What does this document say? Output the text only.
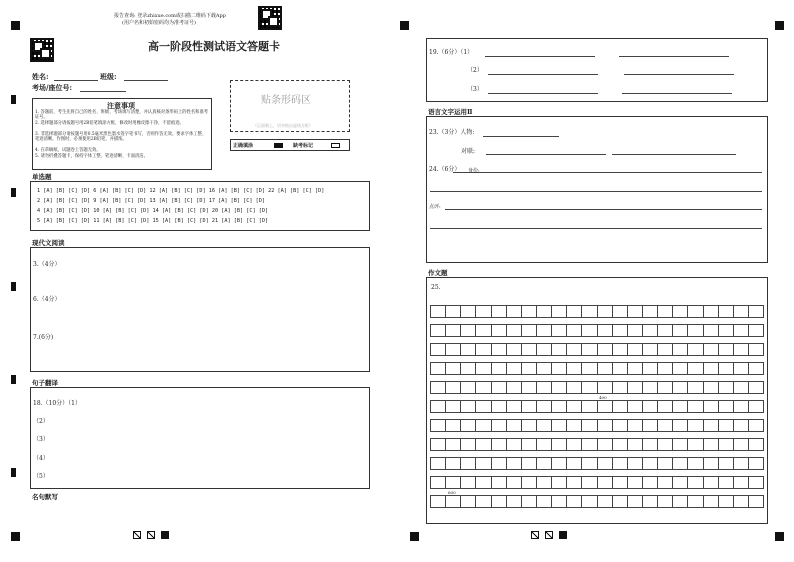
报告查询: 登录zhixue.com或扫描二维码下载App
(用户名和初始密码均为准考证号)
高一阶段性测试语文答题卡
姓名:	班级:
考场/座位号:
贴条形码区
（正面朝上，切勿贴出虚线方框）
正确填涂	缺考标记
注意事项
1. 答题前，考生先将自己的姓名、班级、考场填写清楚，并认真核对条形码上的姓名和准考证号。
2. 选择题部分请按题号用2B铅笔填涂方框，修改时用橡皮擦干净，不留痕迹。
3. 非选择题部分请按题号用0.5毫米黑色墨水签字笔书写，否则作答无效。要求字体工整、笔迹清晰。作图时，必须使用2B铅笔，并描浓。
4. 在草稿纸、试题卷上答题无效。
5. 请勿折叠答题卡，保持字体工整、笔迹清晰、卡面清洁。
单选题
1 [A] [B] [C] [D] 6 [A] [B] [C] [D] 12 [A] [B] [C] [D] 16 [A] [B] [C] [D] 22 [A] [B] [C] [D]
2 [A] [B] [C] [D] 9 [A] [B] [C] [D] 13 [A] [B] [C] [D] 17 [A] [B] [C] [D]
4 [A] [B] [C] [D] 10 [A] [B] [C] [D] 14 [A] [B] [C] [D] 20 [A] [B] [C] [D]
5 [A] [B] [C] [D] 11 [A] [B] [C] [D] 15 [A] [B] [C] [D] 21 [A] [B] [C] [D]
现代文阅读
3.（4分）
6.（4分）
7.(6分)
句子翻译
18.（10分）（1）
（2）
（3）
（4）
（5）
名句默写
19.（6分）（1）
（2）
（3）
语言文字运用Ⅱ
23.（3分）人物:
对联:
24.（6分） 身份:
点评:
作文题
25.
400
600
